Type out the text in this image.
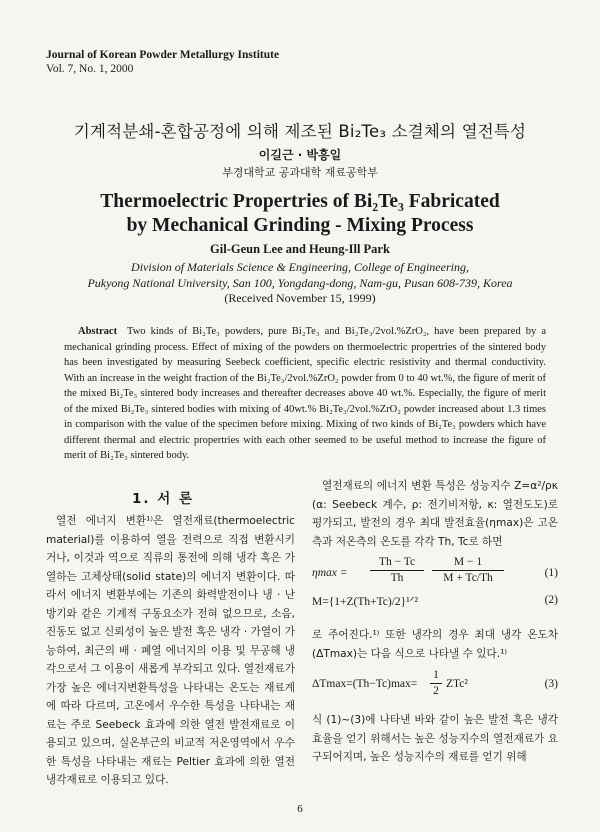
Journal of Korean Powder Metallurgy Institute
Vol. 7, No. 1, 2000
기계적분쇄-혼합공정에 의해 제조된 Bi₂Te₃ 소결체의 열전특성
이길근 · 박흥일
부경대학교 공과대학 재료공학부
Thermoelectric Propertries of Bi₂Te₃ Fabricated
by Mechanical Grinding - Mixing Process
Gil-Geun Lee and Heung-Ill Park
Division of Materials Science & Engineering, College of Engineering,
Pukyong National University, San 100, Yongdang-dong, Nam-gu, Pusan 608-739, Korea
(Received November 15, 1999)
Abstract Two kinds of Bi₂Te₃ powders, pure Bi₂Te₃ and Bi₂Te₃/2vol.%ZrO₂, have been prepared by a mechanical grinding process. Effect of mixing of the powders on thermoelectric propertries of the sintered body has been investigated by measuring Seebeck coefficient, specific electric resistivity and thermal conductivity. With an increase in the weight fraction of the Bi₂Te₃/2vol.%ZrO₂ powder from 0 to 40 wt.%, the figure of merit of the mixed Bi₂Te₃ sintered body increases and thereafter decreases above 40 wt.%. Especially, the figure of merit of the mixed Bi₂Te₃ sintered bodies with mixing of 40wt.% Bi₂Te₃/2vol.%ZrO₂ powder increased about 1.3 times in comparison with the value of the specimen before mixing. Mixing of two kinds of Bi₂Te₃ powders which have different thermal and electric propertries with each other seemed to be useful method to increase the figure of merit of Bi₂Te₃ sintered body.
1. 서 론

열전 에너지 변환¹⁾은 열전재료(thermoelectric material)를 이용하여 열을 전력으로 직접 변환시키거나, 이것과 역으로 직류의 통전에 의해 냉각 혹은 가열하는 고체상태(solid state)의 에너지 변환이다. 따라서 에너지 변환부에는 기존의 화력발전이나 냉 · 난방기와 같은 기계적 구동요소가 전혀 없으므로, 소음, 진동도 없고 신뢰성이 높은 발전 혹은 냉각 · 가열이 가능하여, 최근의 배 · 폐열 에너지의 이용 및 무공해 냉각으로서 그 이용이 새롭게 부각되고 있다. 열전재료가 가장 높은 에너지변환특성을 나타내는 온도는 재료계에 따라 다르며, 고온에서 우수한 특성을 나타내는 재료는 주로 Seebeck 효과에 의한 열전 발전재료로 이용되고 있으며, 실온부근의 비교적 저온영역에서 우수한 특성을 나타내는 재료는 Peltier 효과에 의한 열전 냉각재료로 이용되고 있다.

열전재료의 에너지 변환 특성은 성능지수 Z=α²/ρκ (α: Seebeck 계수, ρ: 전기비저항, κ: 열전도도)로 평가되고, 발전의 경우 최대 발전효율(ηmax)은 고온측과 저온측의 온도를 각각 Th, Tc로 하면

ηmax =
Th − Tc
Th
M − 1
M + Tc/Th	(1)
M={1+Z(Th+Tc)/2}¹ᐟ²	(2)

로 주어진다.¹⁾ 또한 냉각의 경우 최대 냉각 온도차 (ΔTmax)는 다음 식으로 나타낼 수 있다.¹⁾

ΔTmax=(Th−Tc)max=
1
2
ZTc²	(3)

식 (1)~(3)에 나타낸 바와 같이 높은 발전 혹은 냉각효율을 얻기 위해서는 높은 성능지수의 열전재료가 요구되어지며, 높은 성능지수의 재료를 얻기 위해

6
